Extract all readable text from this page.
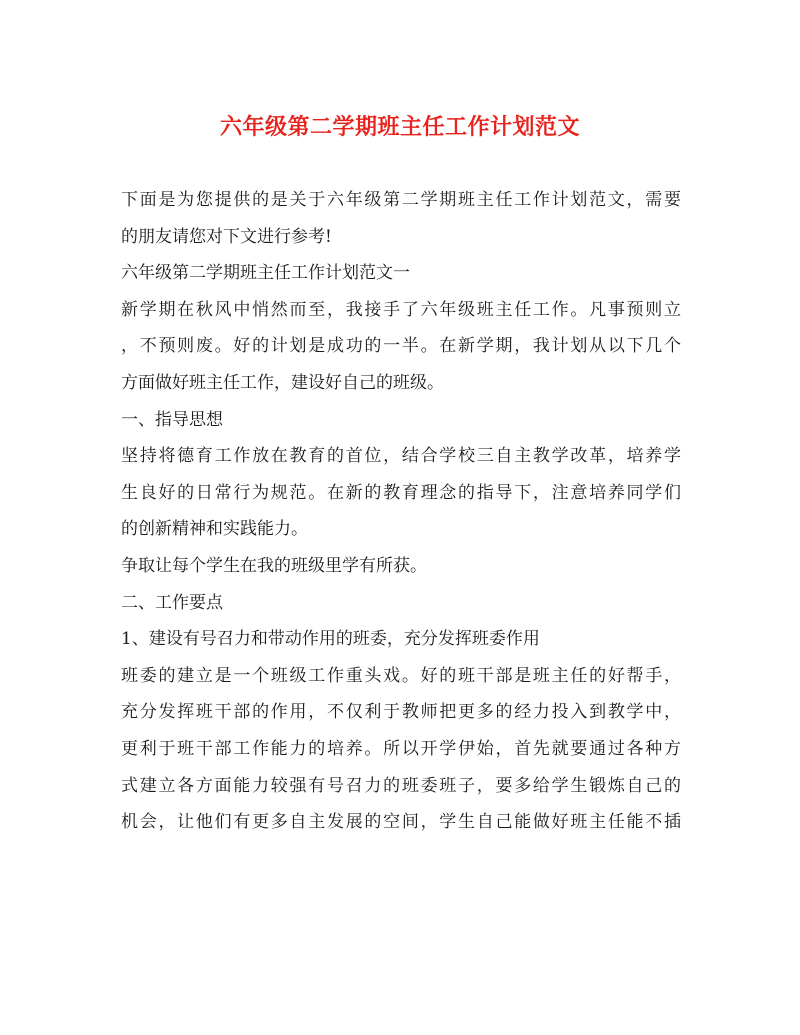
六年级第二学期班主任工作计划范文
下面是为您提供的是关于六年级第二学期班主任工作计划范文，需要
的朋友请您对下文进行参考!
六年级第二学期班主任工作计划范文一
新学期在秋风中悄然而至，我接手了六年级班主任工作。凡事预则立
，不预则废。好的计划是成功的一半。在新学期，我计划从以下几个
方面做好班主任工作，建设好自己的班级。
一、指导思想
坚持将德育工作放在教育的首位，结合学校三自主教学改革，培养学
生良好的日常行为规范。在新的教育理念的指导下，注意培养同学们
的创新精神和实践能力。
争取让每个学生在我的班级里学有所获。
二、工作要点
1、建设有号召力和带动作用的班委，充分发挥班委作用
班委的建立是一个班级工作重头戏。好的班干部是班主任的好帮手，
充分发挥班干部的作用，不仅利于教师把更多的经力投入到教学中，
更利于班干部工作能力的培养。所以开学伊始，首先就要通过各种方
式建立各方面能力较强有号召力的班委班子，要多给学生锻炼自己的
机会，让他们有更多自主发展的空间，学生自己能做好班主任能不插
